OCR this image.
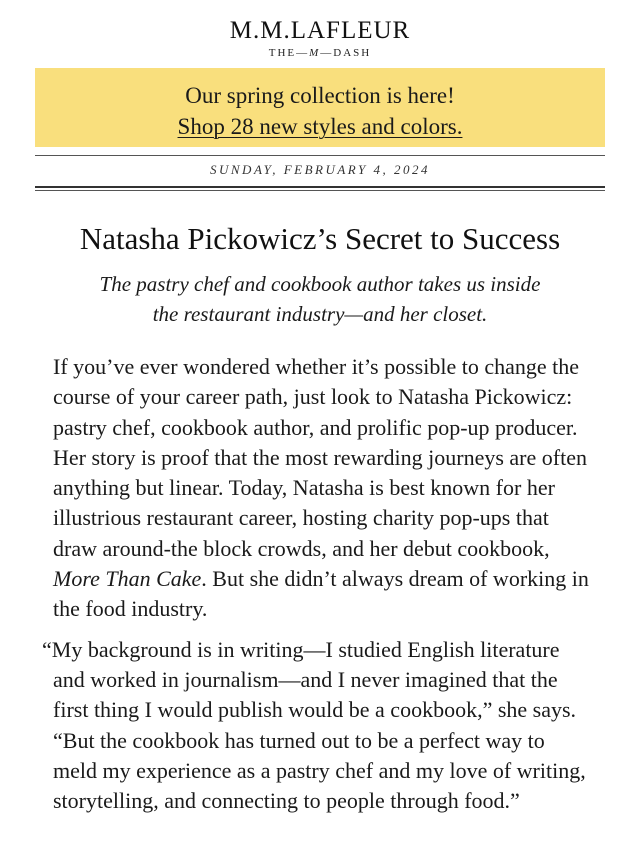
M.M.LAFLEUR
THE—M—DASH
Our spring collection is here!
Shop 28 new styles and colors.
SUNDAY, FEBRUARY 4, 2024
Natasha Pickowicz’s Secret to Success

The pastry chef and cookbook author takes us inside
the restaurant industry—and her closet.

If you’ve ever wondered whether it’s possible to change the course of your career path, just look to Natasha Pickowicz: pastry chef, cookbook author, and prolific pop-up producer. Her story is proof that the most rewarding journeys are often anything but linear. Today, Natasha is best known for her illustrious restaurant career, hosting charity pop-ups that draw around-the block crowds, and her debut cookbook, More Than Cake. But she didn’t always dream of working in the food industry.

“My background is in writing—I studied English literature and worked in journalism—and I never imagined that the first thing I would publish would be a cookbook,” she says. “But the cookbook has turned out to be a perfect way to meld my experience as a pastry chef and my love of writing, storytelling, and connecting to people through food.”
